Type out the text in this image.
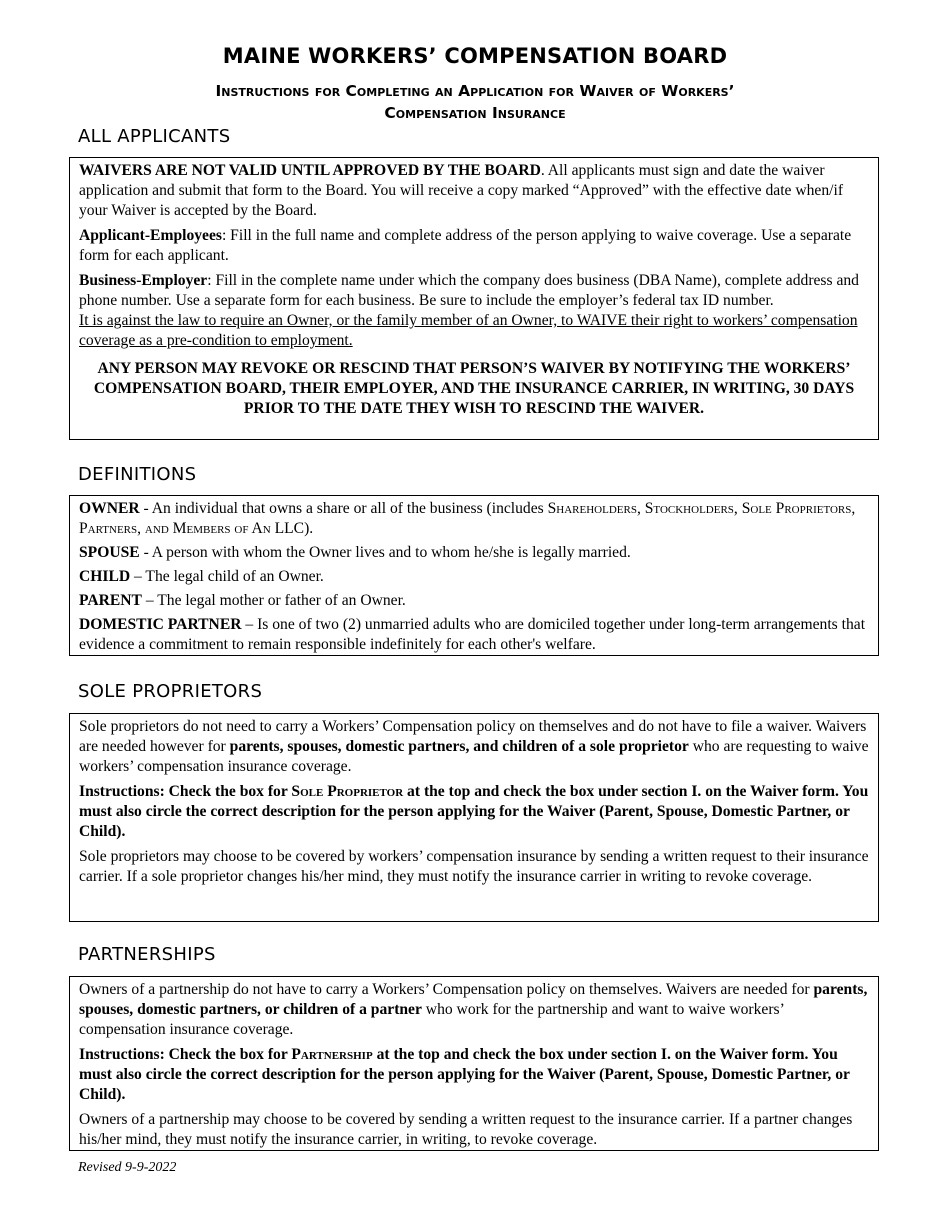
MAINE WORKERS’ COMPENSATION BOARD
Instructions for Completing an Application for Waiver of Workers’
Compensation Insurance
ALL APPLICANTS

WAIVERS ARE NOT VALID UNTIL APPROVED BY THE BOARD. All applicants must sign and date the waiver application and submit that form to the Board. You will receive a copy marked “Approved” with the effective date when/if your Waiver is accepted by the Board.

Applicant-Employees: Fill in the full name and complete address of the person applying to waive coverage. Use a separate form for each applicant.

Business-Employer: Fill in the complete name under which the company does business (DBA Name), complete address and phone number. Use a separate form for each business. Be sure to include the employer’s federal tax ID number.

It is against the law to require an Owner, or the family member of an Owner, to WAIVE their right to workers’ compensation coverage as a pre-condition to employment.

ANY PERSON MAY REVOKE OR RESCIND THAT PERSON’S WAIVER BY NOTIFYING THE WORKERS’ COMPENSATION BOARD, THEIR EMPLOYER, AND THE INSURANCE CARRIER, IN WRITING, 30 DAYS PRIOR TO THE DATE THEY WISH TO RESCIND THE WAIVER.

DEFINITIONS

OWNER - An individual that owns a share or all of the business (includes Shareholders, Stockholders, Sole Proprietors, Partners, and Members of An LLC).

SPOUSE - A person with whom the Owner lives and to whom he/she is legally married.

CHILD – The legal child of an Owner.

PARENT – The legal mother or father of an Owner.

DOMESTIC PARTNER – Is one of two (2) unmarried adults who are domiciled together under long-term arrangements that evidence a commitment to remain responsible indefinitely for each other's welfare.

SOLE PROPRIETORS

Sole proprietors do not need to carry a Workers’ Compensation policy on themselves and do not have to file a waiver. Waivers are needed however for parents, spouses, domestic partners, and children of a sole proprietor who are requesting to waive workers’ compensation insurance coverage.

Instructions: Check the box for Sole Proprietor at the top and check the box under section I. on the Waiver form. You must also circle the correct description for the person applying for the Waiver (Parent, Spouse, Domestic Partner, or Child).

Sole proprietors may choose to be covered by workers’ compensation insurance by sending a written request to their insurance carrier. If a sole proprietor changes his/her mind, they must notify the insurance carrier in writing to revoke coverage.

PARTNERSHIPS

Owners of a partnership do not have to carry a Workers’ Compensation policy on themselves. Waivers are needed for parents, spouses, domestic partners, or children of a partner who work for the partnership and want to waive workers’ compensation insurance coverage.

Instructions: Check the box for Partnership at the top and check the box under section I. on the Waiver form. You must also circle the correct description for the person applying for the Waiver (Parent, Spouse, Domestic Partner, or Child).

Owners of a partnership may choose to be covered by sending a written request to the insurance carrier. If a partner changes his/her mind, they must notify the insurance carrier, in writing, to revoke coverage.

Revised 9-9-2022
